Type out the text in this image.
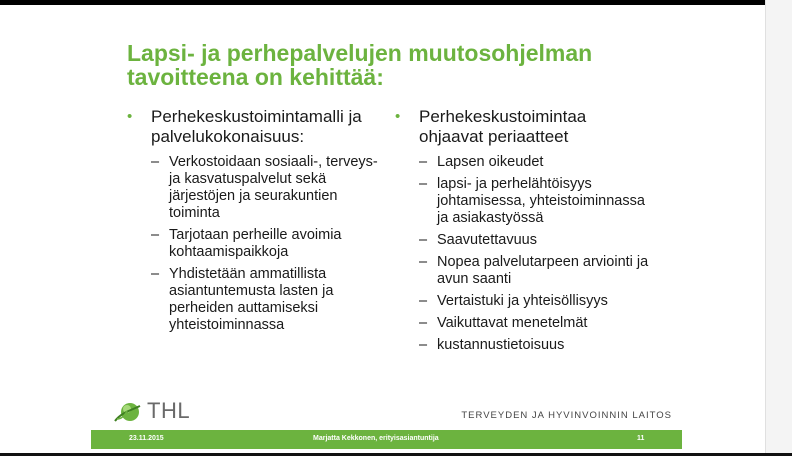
Lapsi- ja perhepalvelujen muutosohjelman
tavoitteena on kehittää:

• Perhekeskustoimintamalli ja palvelukokonaisuus:

– Verkostoidaan sosiaali-, terveys- ja kasvatuspalvelut sekä järjestöjen ja seurakuntien toiminta
– Tarjotaan perheille avoimia kohtaamispaikkoja
– Yhdistetään ammatillista asiantuntemusta lasten ja perheiden auttamiseksi yhteistoiminnassa

• Perhekeskustoimintaa ohjaavat periaatteet

– Lapsen oikeudet
– lapsi- ja perhelähtöisyys johtamisessa, yhteistoiminnassa ja asiakastyössä
– Saavutettavuus
– Nopea palvelutarpeen arviointi ja avun saanti
– Vertaistuki ja yhteisöllisyys
– Vaikuttavat menetelmät
– kustannustietoisuus
THL	TERVEYDEN JA HYVINVOINNIN LAITOS
23.11.2015	Marjatta Kekkonen, erityisasiantuntija	11
